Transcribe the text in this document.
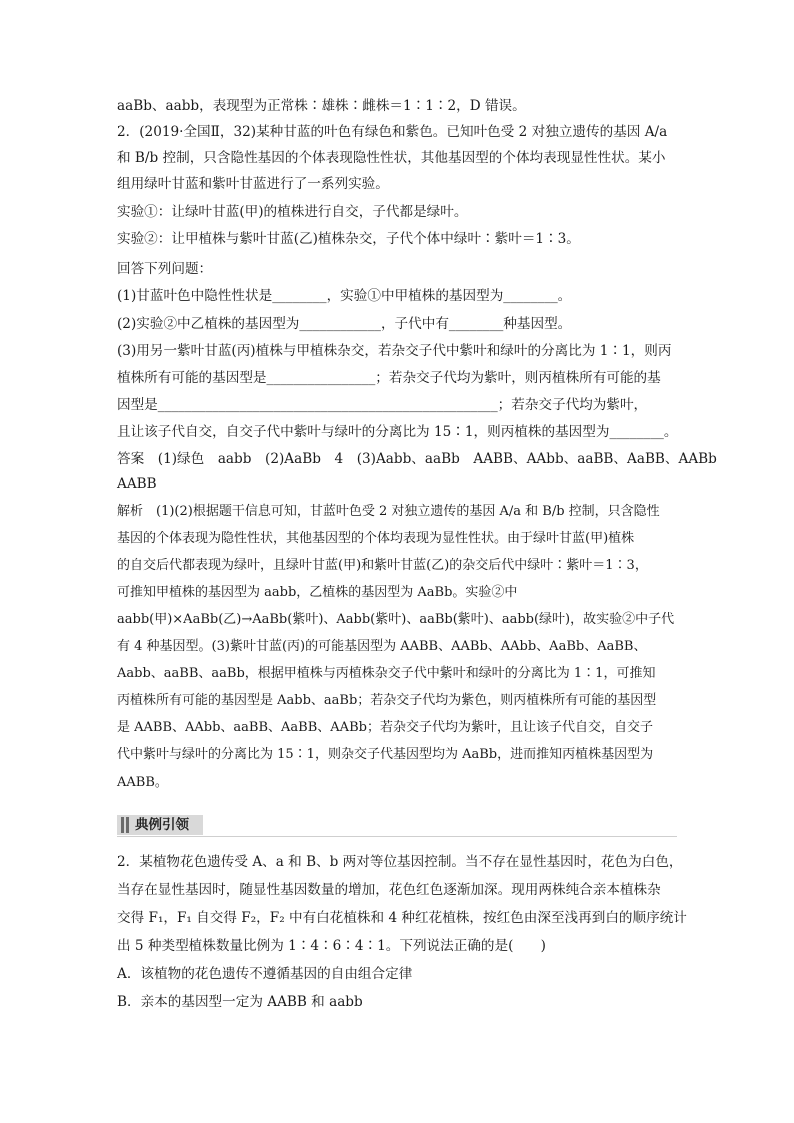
aaBb、aabb，表现型为正常株∶雄株∶雌株＝1∶1∶2，D 错误。
2．(2019·全国Ⅱ，32)某种甘蓝的叶色有绿色和紫色。已知叶色受 2 对独立遗传的基因 A/a
和 B/b 控制，只含隐性基因的个体表现隐性性状，其他基因型的个体均表现显性性状。某小
组用绿叶甘蓝和紫叶甘蓝进行了一系列实验。
实验①：让绿叶甘蓝(甲)的植株进行自交，子代都是绿叶。
实验②：让甲植株与紫叶甘蓝(乙)植株杂交，子代个体中绿叶∶紫叶＝1∶3。
回答下列问题：
(1)甘蓝叶色中隐性性状是________，实验①中甲植株的基因型为________。
(2)实验②中乙植株的基因型为____________，子代中有________种基因型。
(3)用另一紫叶甘蓝(丙)植株与甲植株杂交，若杂交子代中紫叶和绿叶的分离比为 1∶1，则丙
植株所有可能的基因型是________________；若杂交子代均为紫叶，则丙植株所有可能的基
因型是__________________________________________________；若杂交子代均为紫叶，
且让该子代自交，自交子代中紫叶与绿叶的分离比为 15∶1，则丙植株的基因型为________。
答案　(1)绿色　aabb　(2)AaBb　4　(3)Aabb、aaBb　AABB、AAbb、aaBB、AaBB、AABb
AABB
解析　(1)(2)根据题干信息可知，甘蓝叶色受 2 对独立遗传的基因 A/a 和 B/b 控制，只含隐性
基因的个体表现为隐性性状，其他基因型的个体均表现为显性性状。由于绿叶甘蓝(甲)植株
的自交后代都表现为绿叶，且绿叶甘蓝(甲)和紫叶甘蓝(乙)的杂交后代中绿叶∶紫叶＝1∶3，
可推知甲植株的基因型为 aabb，乙植株的基因型为 AaBb。实验②中
aabb(甲)×AaBb(乙)→AaBb(紫叶)、Aabb(紫叶)、aaBb(紫叶)、aabb(绿叶)，故实验②中子代
有 4 种基因型。(3)紫叶甘蓝(丙)的可能基因型为 AABB、AABb、AAbb、AaBb、AaBB、
Aabb、aaBB、aaBb，根据甲植株与丙植株杂交子代中紫叶和绿叶的分离比为 1∶1，可推知
丙植株所有可能的基因型是 Aabb、aaBb；若杂交子代均为紫色，则丙植株所有可能的基因型
是 AABB、AAbb、aaBB、AaBB、AABb；若杂交子代均为紫叶，且让该子代自交，自交子
代中紫叶与绿叶的分离比为 15∶1，则杂交子代基因型均为 AaBb，进而推知丙植株基因型为
AABB。
典例引领
2．某植物花色遗传受 A、a 和 B、b 两对等位基因控制。当不存在显性基因时，花色为白色，
当存在显性基因时，随显性基因数量的增加，花色红色逐渐加深。现用两株纯合亲本植株杂
交得 F₁，F₁ 自交得 F₂，F₂ 中有白花植株和 4 种红花植株，按红色由深至浅再到白的顺序统计
出 5 种类型植株数量比例为 1∶4∶6∶4∶1。下列说法正确的是(　　)
A．该植物的花色遗传不遵循基因的自由组合定律
B．亲本的基因型一定为 AABB 和 aabb
